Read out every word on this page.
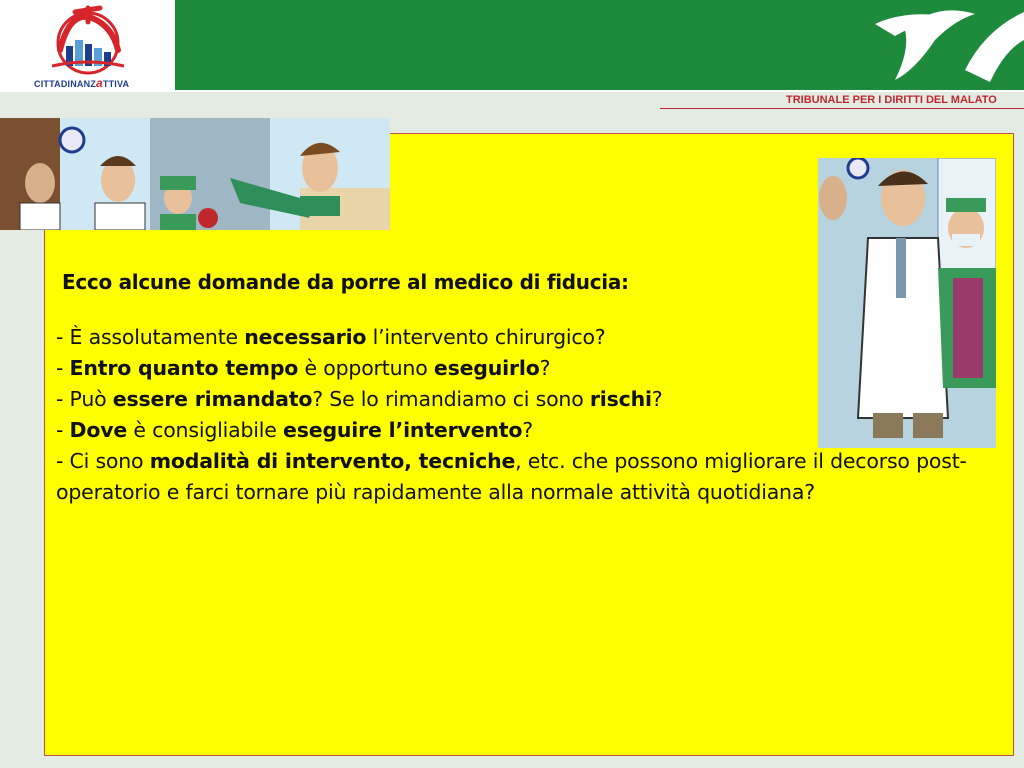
CITTADINANZaTTIVA
TRIBUNALE PER I DIRITTI DEL MALATO
Ecco alcune domande da porre al medico di fiducia:
- È assolutamente necessario l’intervento chirurgico?
- Entro quanto tempo è opportuno eseguirlo?
- Può essere rimandato? Se lo rimandiamo ci sono rischi?
- Dove è consigliabile eseguire l’intervento?
- Ci sono modalità di intervento, tecniche, etc. che possono migliorare il decorso post-operatorio e farci tornare più rapidamente alla normale attività quotidiana?
